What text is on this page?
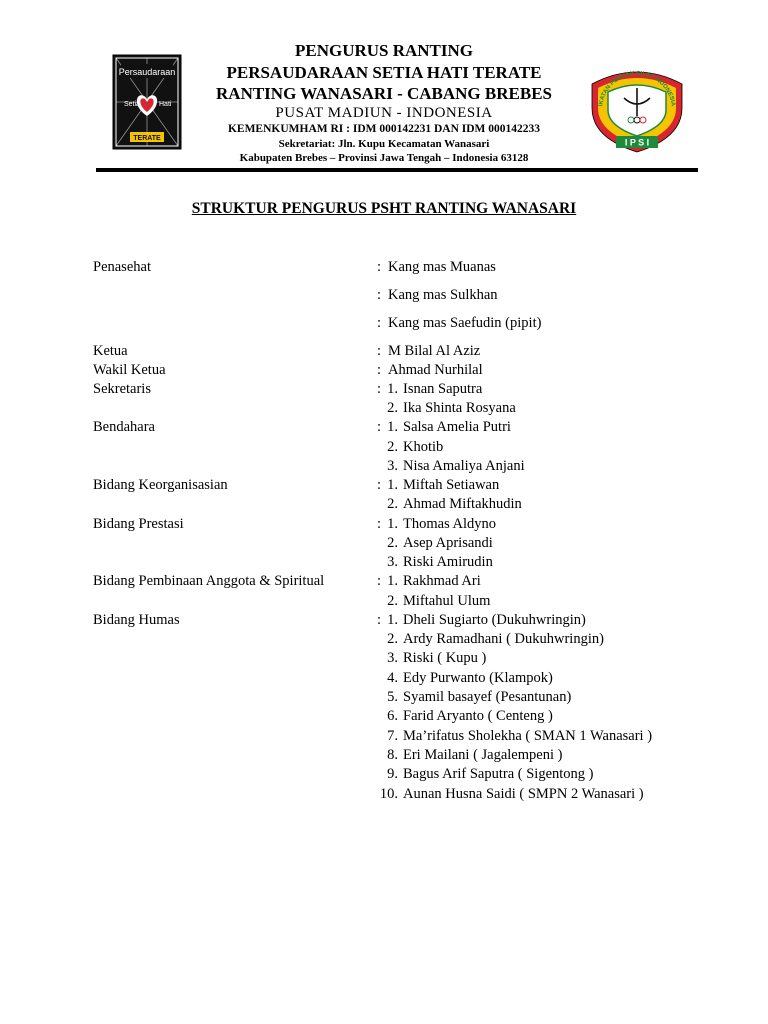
Persaudaraan
Setia	Hati
TERATE
PENGURUS RANTING
PERSAUDARAAN SETIA HATI TERATE
RANTING WANASARI - CABANG BREBES
PUSAT MADIUN - INDONESIA
KEMENKUMHAM RI : IDM 000142231 DAN IDM 000142233
Sekretariat: Jln. Kupu Kecamatan Wanasari
Kabupaten Brebes – Provinsi Jawa Tengah – Indonesia 63128
IKATAN PENCAK SILAT INDONESIA
I P S I
STRUKTUR PENGURUS PSHT RANTING WANASARI
Penasehat	: Kang mas Muanas
: Kang mas Sulkhan
: Kang mas Saefudin (pipit)
Ketua	: M Bilal Al Aziz
Wakil Ketua	: Ahmad Nurhilal
Sekretaris	: 1. Isnan Saputra
2. Ika Shinta Rosyana
Bendahara	: 1. Salsa Amelia Putri
2. Khotib
3. Nisa Amaliya Anjani
Bidang Keorganisasian	: 1. Miftah Setiawan
2. Ahmad Miftakhudin
Bidang Prestasi	: 1. Thomas Aldyno
2. Asep Aprisandi
3. Riski Amirudin
Bidang Pembinaan Anggota & Spiritual	: 1. Rakhmad Ari
2. Miftahul Ulum
Bidang Humas	: 1. Dheli Sugiarto (Dukuhwringin)
2. Ardy Ramadhani ( Dukuhwringin)
3. Riski ( Kupu )
4. Edy Purwanto (Klampok)
5. Syamil basayef (Pesantunan)
6. Farid Aryanto ( Centeng )
7. Ma’rifatus Sholekha ( SMAN 1 Wanasari )
8. Eri Mailani ( Jagalempeni )
9. Bagus Arif Saputra ( Sigentong )
10. Aunan Husna Saidi ( SMPN 2 Wanasari )
